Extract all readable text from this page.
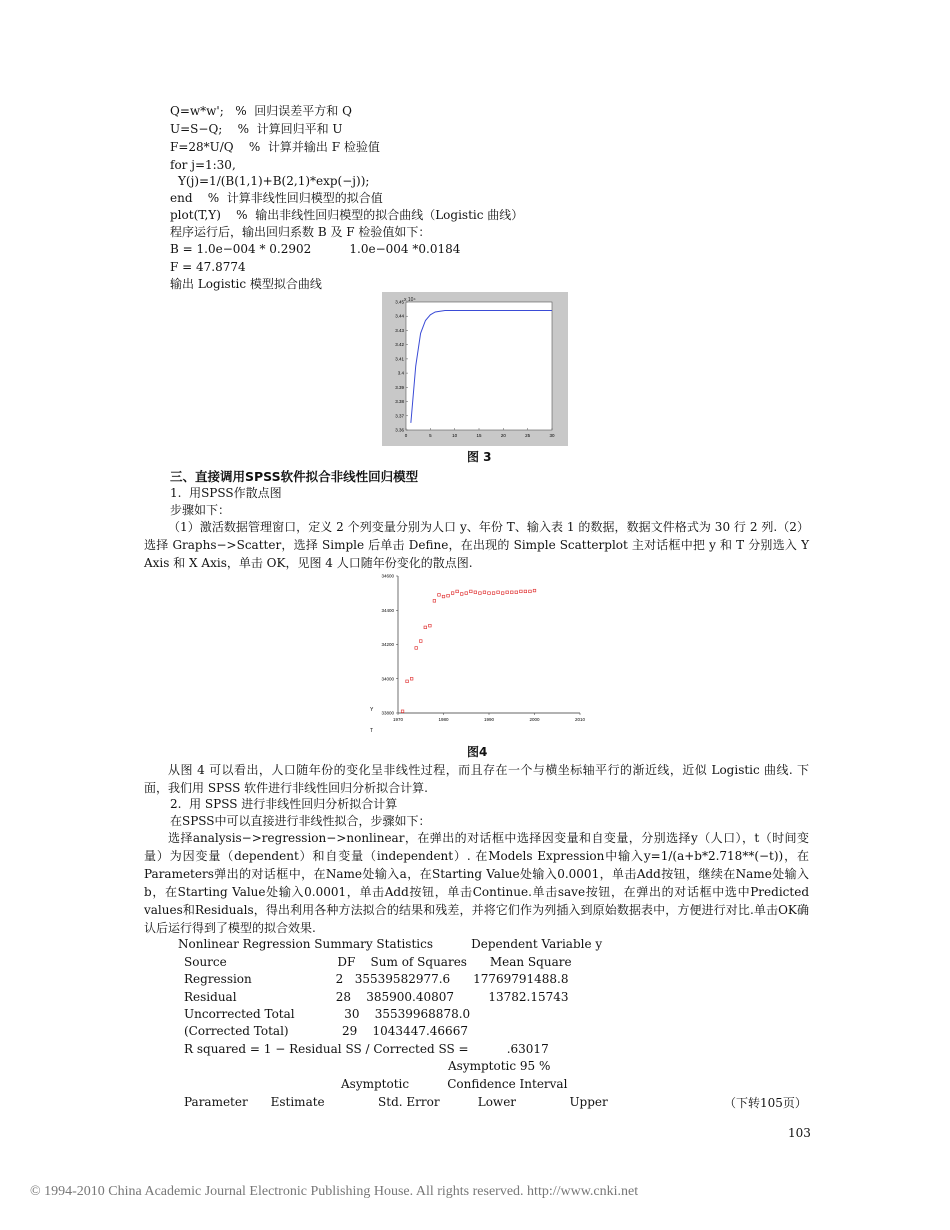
Q=w*w';   %  回归误差平方和 Q
U=S−Q;    %  计算回归平和 U
F=28*U/Q    %  计算并输出 F 检验值
for j=1:30,
Y(j)=1/(B(1,1)+B(2,1)*exp(−j));
end    %  计算非线性回归模型的拟合值
plot(T,Y)    %  输出非线性回归模型的拟合曲线（Logistic 曲线）
程序运行后，输出回归系数 B 及 F 检验值如下：
B = 1.0e−004 * 0.2902          1.0e−004 *0.0184
F = 47.8774
输出 Logistic 模型拟合曲线
x 10⁴
0	5	10	15	20	25	30
3.36
3.37
3.38
3.39
3.4
3.41
3.42
3.43
3.44
3.45
图 3
三、直接调用SPSS软件拟合非线性回归模型
1.  用SPSS作散点图
步骤如下：
（1）激活数据管理窗口，定义 2 个列变量分别为人口 y、年份 T、输入表 1 的数据，数据文件格式为 30 行 2 列.（2）选择 Graphs−>Scatter，选择 Simple 后单击 Define，在出现的 Simple Scatterplot 主对话框中把 y 和 T 分别选入 Y Axis 和 X Axis，单击 OK，见图 4 人口随年份变化的散点图.
Y
T
1970	1980	1990	2000	2010
33800
34000
34200
34400
34600
图4
从图 4 可以看出，人口随年份的变化呈非线性过程，而且存在一个与横坐标轴平行的渐近线，近似 Logistic 曲线. 下面，我们用 SPSS 软件进行非线性回归分析拟合计算.
2.  用 SPSS 进行非线性回归分析拟合计算
在SPSS中可以直接进行非线性拟合，步骤如下：
选择analysis−>regression−>nonlinear，在弹出的对话框中选择因变量和自变量，分别选择y（人口），t（时间变量）为因变量（dependent）和自变量（independent）. 在Models Expression中输入y=1/(a+b*2.718**(−t))，在Parameters弹出的对话框中，在Name处输入a，在Starting Value处输入0.0001，单击Add按钮，继续在Name处输入b，在Starting Value处输入0.0001，单击Add按钮，单击Continue.单击save按钮，在弹出的对话框中选中Predicted values和Residuals，得出利用各种方法拟合的结果和残差，并将它们作为列插入到原始数据表中，方便进行对比.单击OK确认后运行得到了模型的拟合效果.
Nonlinear Regression Summary Statistics          Dependent Variable y
Source                             DF    Sum of Squares      Mean Square
Regression                      2   35539582977.6      17769791488.8
Residual                          28    385900.40807         13782.15743
Uncorrected Total             30    35539968878.0
(Corrected Total)              29    1043447.46667
R squared = 1 − Residual SS / Corrected SS =          .63017
Asymptotic 95 %
Asymptotic          Confidence Interval
Parameter      Estimate              Std. Error          Lower              Upper	（下转105页）
103
© 1994-2010 China Academic Journal Electronic Publishing House. All rights reserved. http://www.cnki.net
